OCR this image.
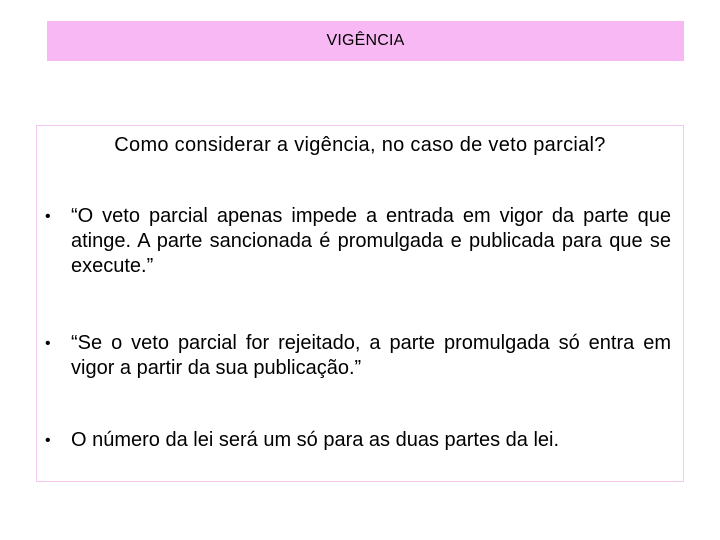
VIGÊNCIA
Como considerar a vigência, no caso de veto parcial?
•	“O veto parcial apenas impede a entrada em vigor da parte que atinge. A parte sancionada é promulgada e publicada para que se execute.”
•	“Se o veto parcial for rejeitado, a parte promulgada só entra em vigor a partir da sua publicação.”
•	O número da lei será um só para as duas partes da lei.
